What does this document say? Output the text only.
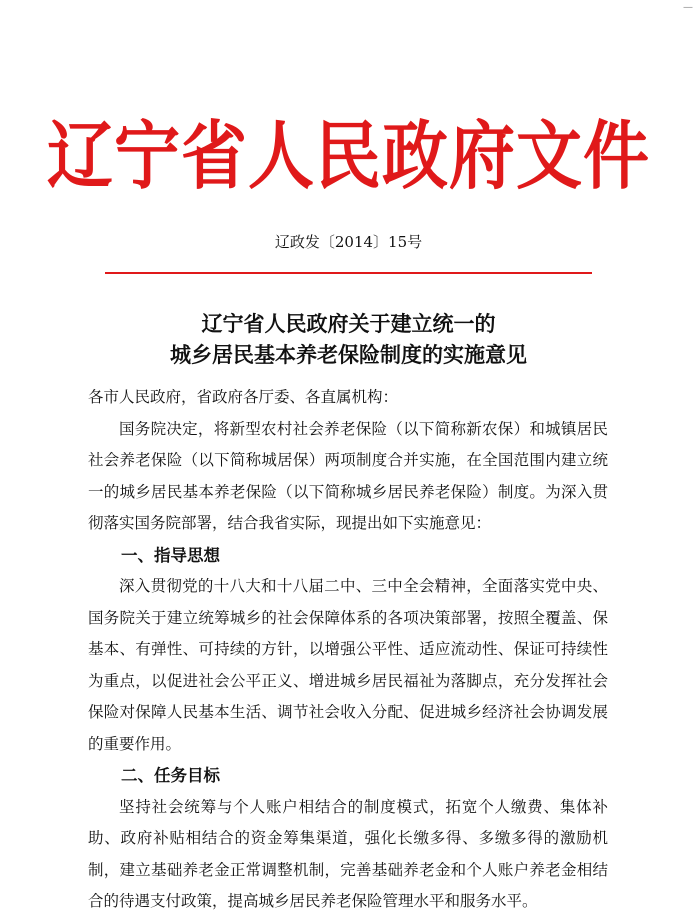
—
辽宁省人民政府文件
辽政发〔2014〕15号
辽宁省人民政府关于建立统一的
城乡居民基本养老保险制度的实施意见

各市人民政府，省政府各厅委、各直属机构：

国务院决定，将新型农村社会养老保险（以下简称新农保）和城镇居民社会养老保险（以下简称城居保）两项制度合并实施，在全国范围内建立统一的城乡居民基本养老保险（以下简称城乡居民养老保险）制度。为深入贯彻落实国务院部署，结合我省实际，现提出如下实施意见：

一、指导思想

深入贯彻党的十八大和十八届二中、三中全会精神，全面落实党中央、国务院关于建立统筹城乡的社会保障体系的各项决策部署，按照全覆盖、保基本、有弹性、可持续的方针，以增强公平性、适应流动性、保证可持续性为重点，以促进社会公平正义、增进城乡居民福祉为落脚点，充分发挥社会保险对保障人民基本生活、调节社会收入分配、促进城乡经济社会协调发展的重要作用。

二、任务目标

坚持社会统筹与个人账户相结合的制度模式，拓宽个人缴费、集体补助、政府补贴相结合的资金筹集渠道，强化长缴多得、多缴多得的激励机制，建立基础养老金正常调整机制，完善基础养老金和个人账户养老金相结合的待遇支付政策，提高城乡居民养老保险管理水平和服务水平。
